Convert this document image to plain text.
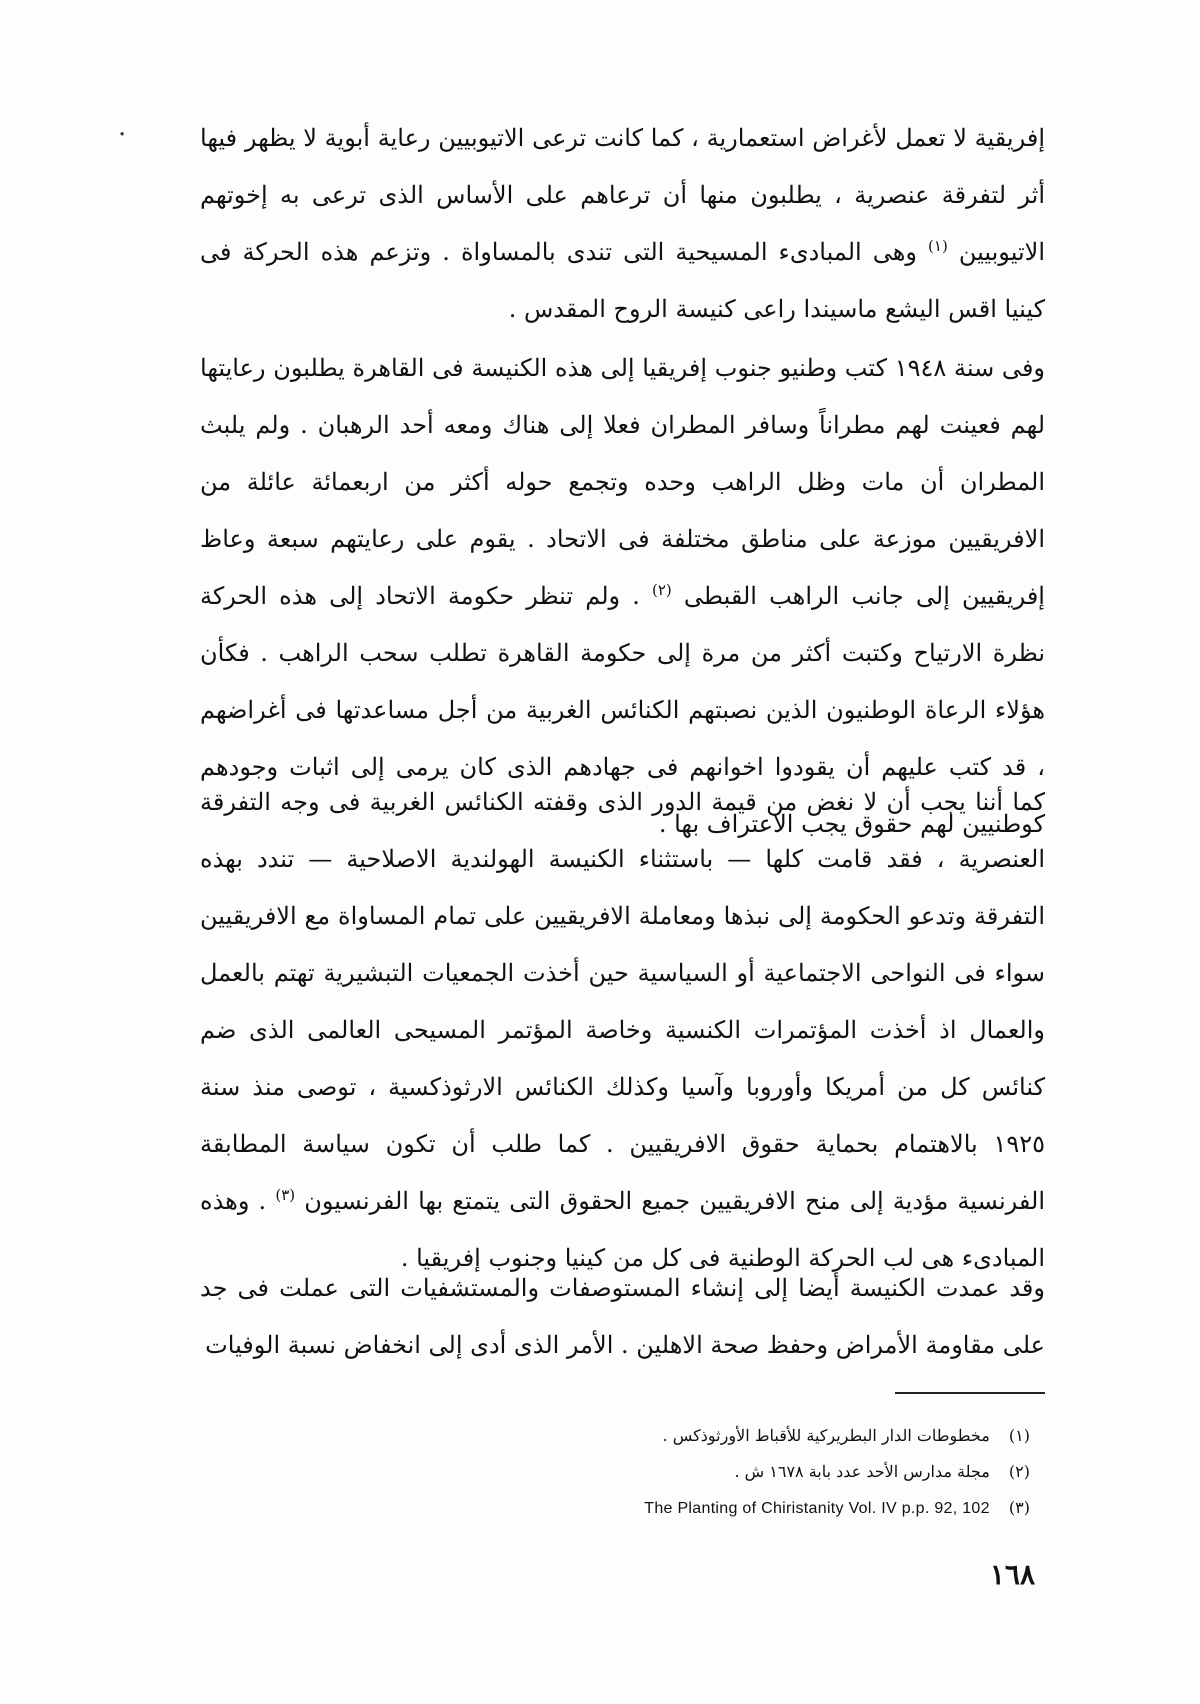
·	إفريقية لا تعمل لأغراض استعمارية ، كما كانت ترعى الاتيوبيين رعاية أبوية لا يظهر فيها أثر لتفرقة عنصرية ، يطلبون منها أن ترعاهم على الأساس الذى ترعى به إخوتهم الاتيوبيين $^{(١)}$ وهى المبادىء المسيحية التى تندى بالمساواة . وتزعم هذه الحركة فى كينيا اقس اليشع ماسيندا راعى كنيسة الروح المقدس .

وفى سنة ١٩٤٨ كتب وطنيو جنوب إفريقيا إلى هذه الكنيسة فى القاهرة يطلبون رعايتها لهم فعينت لهم مطراناً وسافر المطران فعلا إلى هناك ومعه أحد الرهبان . ولم يلبث المطران أن مات وظل الراهب وحده وتجمع حوله أكثر من اربعمائة عائلة من الافريقيين موزعة على مناطق مختلفة فى الاتحاد . يقوم على رعايتهم سبعة وعاظ إفريقيين إلى جانب الراهب القبطى $^{(٢)}$ . ولم تنظر حكومة الاتحاد إلى هذه الحركة نظرة الارتياح وكتبت أكثر من مرة إلى حكومة القاهرة تطلب سحب الراهب . فكأن هؤلاء الرعاة الوطنيون الذين نصبتهم الكنائس الغربية من أجل مساعدتها فى أغراضهم ، قد كتب عليهم أن يقودوا اخوانهم فى جهادهم الذى كان يرمى إلى اثبات وجودهم كوطنيين لهم حقوق يجب الاعتراف بها .

كما أننا يجب أن لا نغض من قيمة الدور الذى وقفته الكنائس الغربية فى وجه التفرقة العنصرية ، فقد قامت كلها — باستثناء الكنيسة الهولندية الاصلاحية — تندد بهذه التفرقة وتدعو الحكومة إلى نبذها ومعاملة الافريقيين على تمام المساواة مع الافريقيين سواء فى النواحى الاجتماعية أو السياسية حين أخذت الجمعيات التبشيرية تهتم بالعمل والعمال اذ أخذت المؤتمرات الكنسية وخاصة المؤتمر المسيحى العالمى الذى ضم كنائس كل من أمريكا وأوروبا وآسيا وكذلك الكنائس الارثوذكسية ، توصى منذ سنة ١٩٢٥ بالاهتمام بحماية حقوق الافريقيين . كما طلب أن تكون سياسة المطابقة الفرنسية مؤدية إلى منح الافريقيين جميع الحقوق التى يتمتع بها الفرنسيون $^{(٣)}$ . وهذه المبادىء هى لب الحركة الوطنية فى كل من كينيا وجنوب إفريقيا .

وقد عمدت الكنيسة أيضا إلى إنشاء المستوصفات والمستشفيات التى عملت فى جد على مقاومة الأمراض وحفظ صحة الاهلين . الأمر الذى أدى إلى انخفاض نسبة الوفيات

(١) مخطوطات الدار البطريركية للأقباط الأورثوذكس .
(٢) مجلة مدارس الأحد عدد بابة ١٦٧٨ ش .
(٣) The Planting of Chiristanity Vol. IV p.p. 92, 102
١٦٨
